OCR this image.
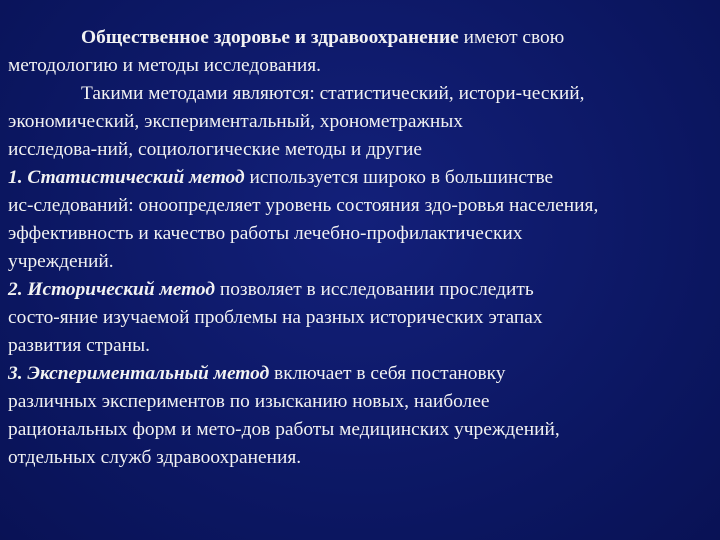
Общественное здоровье и здравоохранение имеют свою
методологию и методы исследования.
Такими методами являются: статистический, истори-ческий,
экономический, экспериментальный, хронометражных
исследова-ний, социологические методы и другие
1. Статистический метод используется широко в большинстве
ис-следований: оноопределяет уровень состояния здо-ровья населения,
эффективность и качество работы лечебно-профилактических
учреждений.
2. Исторический метод позволяет в исследовании проследить
состо-яние изучаемой проблемы на разных исторических этапах
развития страны.
3. Экспериментальный метод включает в себя постановку
различных экспериментов по изысканию новых, наиболее
рациональных форм и мето-дов работы медицинских учреждений,
отдельных служб здравоохранения.
